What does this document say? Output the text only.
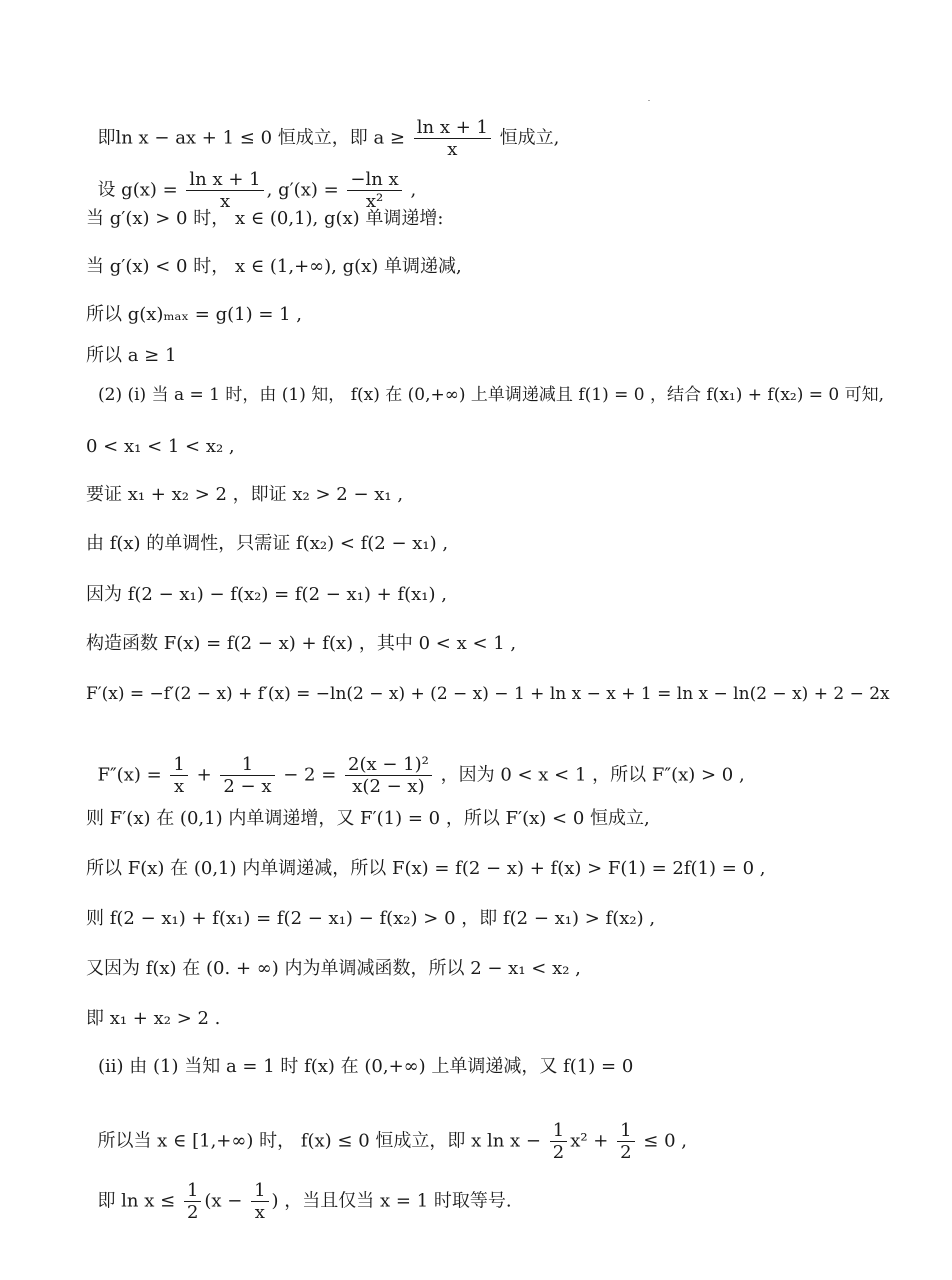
即ln x − ax + 1 ≤ 0 恒成立，即 $a \ge \frac{\text{ln x + 1}}{x}$ 恒成立,

设 $g(x) = \frac{\text{ln x + 1}}{x}$ , $g'(x) = \frac{\text{−ln x}}{\text{x²}}$ ,

当 g′(x) > 0 时， x ∈ (0,1), g(x) 单调递增:
当 g′(x) < 0 时， x ∈ (1,+∞), g(x) 单调递减,
所以 g(x)ₘₐₓ = g(1) = 1 ,
所以 a ≥ 1
(2) (i) 当 a = 1 时，由 (1) 知， f(x) 在 (0,+∞) 上单调递减且 f(1) = 0 ，结合 f(x₁) + f(x₂) = 0 可知,
0 < x₁ < 1 < x₂ ,
要证 x₁ + x₂ > 2 ，即证 x₂ > 2 − x₁ ,
由 f(x) 的单调性，只需证 f(x₂) < f(2 − x₁) ,
因为 f(2 − x₁) − f(x₂) = f(2 − x₁) + f(x₁) ,
构造函数 F(x) = f(2 − x) + f(x) ，其中 0 < x < 1 ,
F′(x) = −f′(2 − x) + f′(x) = −ln(2 − x) + (2 − x) − 1 + ln x − x + 1 = ln x − ln(2 − x) + 2 − 2x

$F''(x) = \frac{1}{x} + \frac{1}{2 - x} - 2 = \frac{\text{2(x − 1)²}}{x(2 - x)}$ ，因为 0 < x < 1 ，所以 F″(x) > 0 ,

则 F′(x) 在 (0,1) 内单调递增，又 F′(1) = 0 ，所以 F′(x) < 0 恒成立,
所以 F(x) 在 (0,1) 内单调递减，所以 F(x) = f(2 − x) + f(x) > F(1) = 2f(1) = 0 ,
则 f(2 − x₁) + f(x₁) = f(2 − x₁) − f(x₂) > 0 ，即 f(2 − x₁) > f(x₂) ,
又因为 f(x) 在 (0. + ∞) 内为单调减函数，所以 2 − x₁ < x₂ ,
即 x₁ + x₂ > 2 .
(ii) 由 (1) 当知 a = 1 时 f(x) 在 (0,+∞) 上单调递减，又 f(1) = 0

所以当 x ∈ [1,+∞) 时， f(x) ≤ 0 恒成立，即 x $\ln x - \frac{1}{2} x^2 + \frac{1}{2} \le 0$ ,

即 $\ln x \le \frac{1}{2} (x - \frac{1}{x}$ ) ，当且仅当 x = 1 时取等号.
